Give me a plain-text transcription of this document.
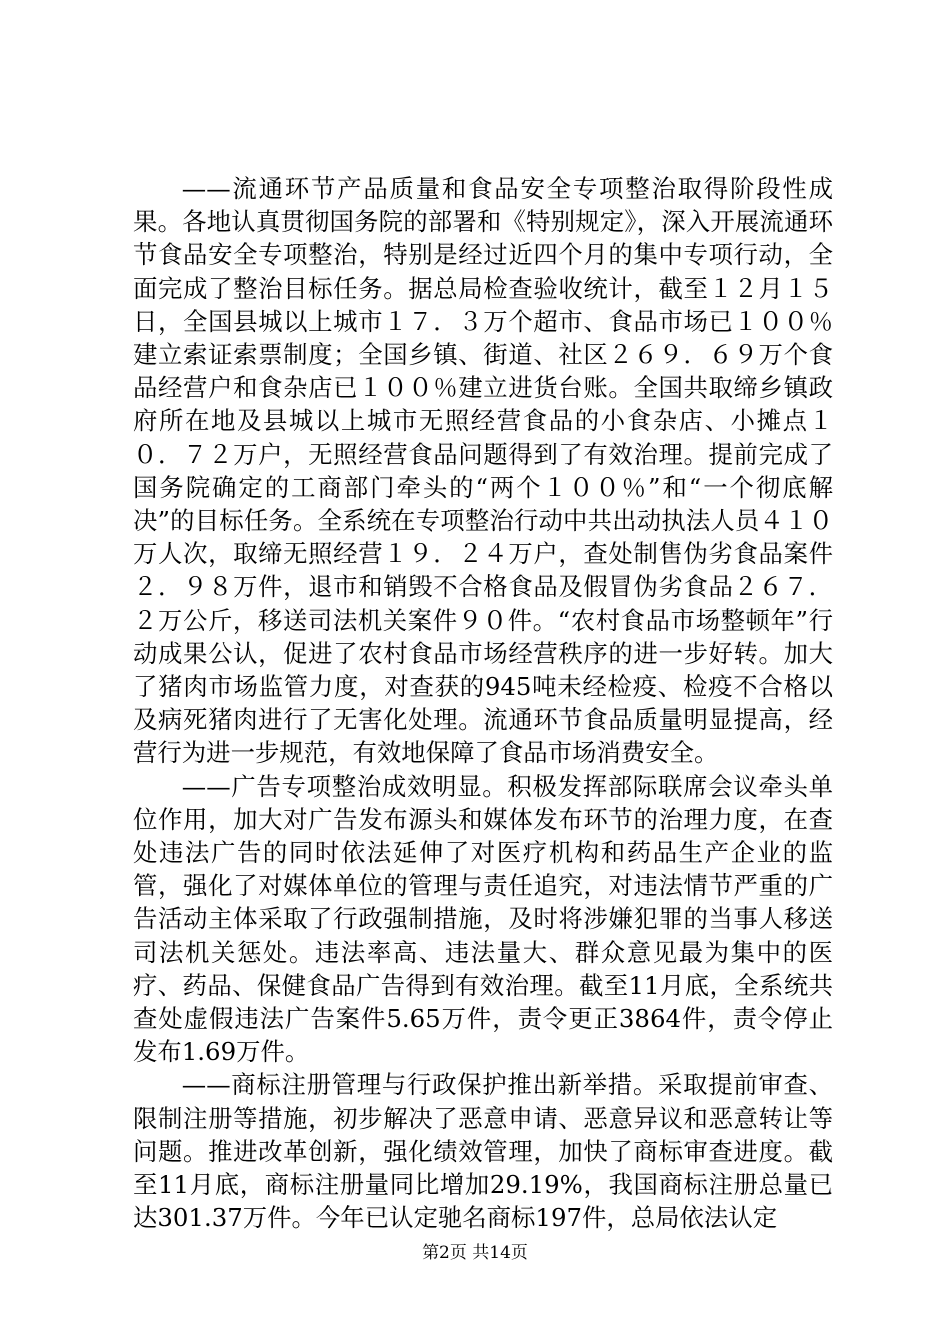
——流通环节产品质量和食品安全专项整治取得阶段性成果。各地认真贯彻国务院的部署和《特别规定》，深入开展流通环节食品安全专项整治，特别是经过近四个月的集中专项行动，全面完成了整治目标任务。据总局检查验收统计，截至１２月１５日，全国县城以上城市１７．３万个超市、食品市场已１００％建立索证索票制度；全国乡镇、街道、社区２６９．６９万个食品经营户和食杂店已１００％建立进货台账。全国共取缔乡镇政府所在地及县城以上城市无照经营食品的小食杂店、小摊点１０．７２万户，无照经营食品问题得到了有效治理。提前完成了国务院确定的工商部门牵头的“两个１００％”和“一个彻底解决”的目标任务。全系统在专项整治行动中共出动执法人员４１０万人次，取缔无照经营１９．２４万户，查处制售伪劣食品案件２．９８万件，退市和销毁不合格食品及假冒伪劣食品２６７．２万公斤，移送司法机关案件９０件。“农村食品市场整顿年”行动成果公认，促进了农村食品市场经营秩序的进一步好转。加大了猪肉市场监管力度，对查获的945吨未经检疫、检疫不合格以及病死猪肉进行了无害化处理。流通环节食品质量明显提高，经营行为进一步规范，有效地保障了食品市场消费安全。

——广告专项整治成效明显。积极发挥部际联席会议牵头单位作用，加大对广告发布源头和媒体发布环节的治理力度，在查处违法广告的同时依法延伸了对医疗机构和药品生产企业的监管，强化了对媒体单位的管理与责任追究，对违法情节严重的广告活动主体采取了行政强制措施，及时将涉嫌犯罪的当事人移送司法机关惩处。违法率高、违法量大、群众意见最为集中的医疗、药品、保健食品广告得到有效治理。截至11月底，全系统共查处虚假违法广告案件5.65万件，责令更正3864件，责令停止发布1.69万件。

——商标注册管理与行政保护推出新举措。采取提前审查、限制注册等措施，初步解决了恶意申请、恶意异议和恶意转让等问题。推进改革创新，强化绩效管理，加快了商标审查进度。截至11月底，商标注册量同比增加29.19%，我国商标注册总量已达301.37万件。今年已认定驰名商标197件，总局依法认定

第2页 共14页
